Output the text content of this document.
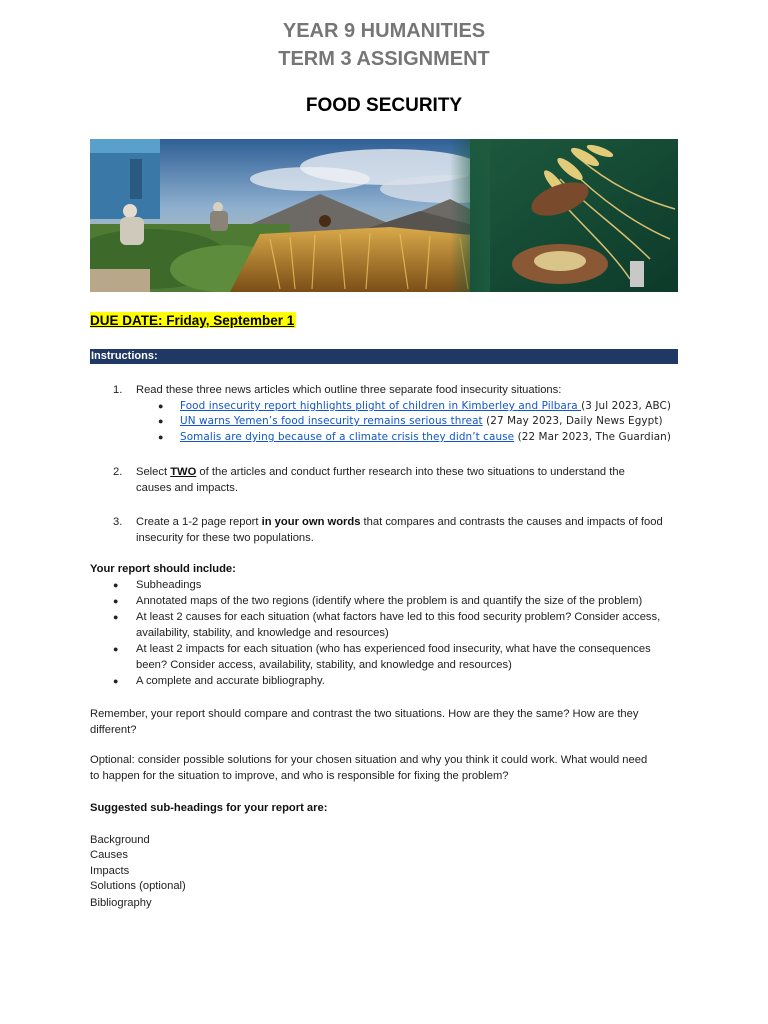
YEAR 9 HUMANITIES
TERM 3 ASSIGNMENT
FOOD SECURITY
DUE DATE: Friday, September 1
Instructions:
1. Read these three news articles which outline three separate food insecurity situations:
● Food insecurity report highlights plight of children in Kimberley and Pilbara (3 Jul 2023, ABC)
● UN warns Yemen’s food insecurity remains serious threat (27 May 2023, Daily News Egypt)
● Somalis are dying because of a climate crisis they didn’t cause (22 Mar 2023, The Guardian)
2. Select TWO of the articles and conduct further research into these two situations to understand the
causes and impacts.
3. Create a 1-2 page report in your own words that compares and contrasts the causes and impacts of food
insecurity for these two populations.
Your report should include:
● Subheadings
● Annotated maps of the two regions (identify where the problem is and quantify the size of the problem)
● At least 2 causes for each situation (what factors have led to this food security problem? Consider access,
availability, stability, and knowledge and resources)
● At least 2 impacts for each situation (who has experienced food insecurity, what have the consequences
been? Consider access, availability, stability, and knowledge and resources)
● A complete and accurate bibliography.
Remember, your report should compare and contrast the two situations. How are they the same? How are they
different?
Optional: consider possible solutions for your chosen situation and why you think it could work. What would need
to happen for the situation to improve, and who is responsible for fixing the problem?
Suggested sub-headings for your report are:
Background
Causes
Impacts
Solutions (optional)
Bibliography
